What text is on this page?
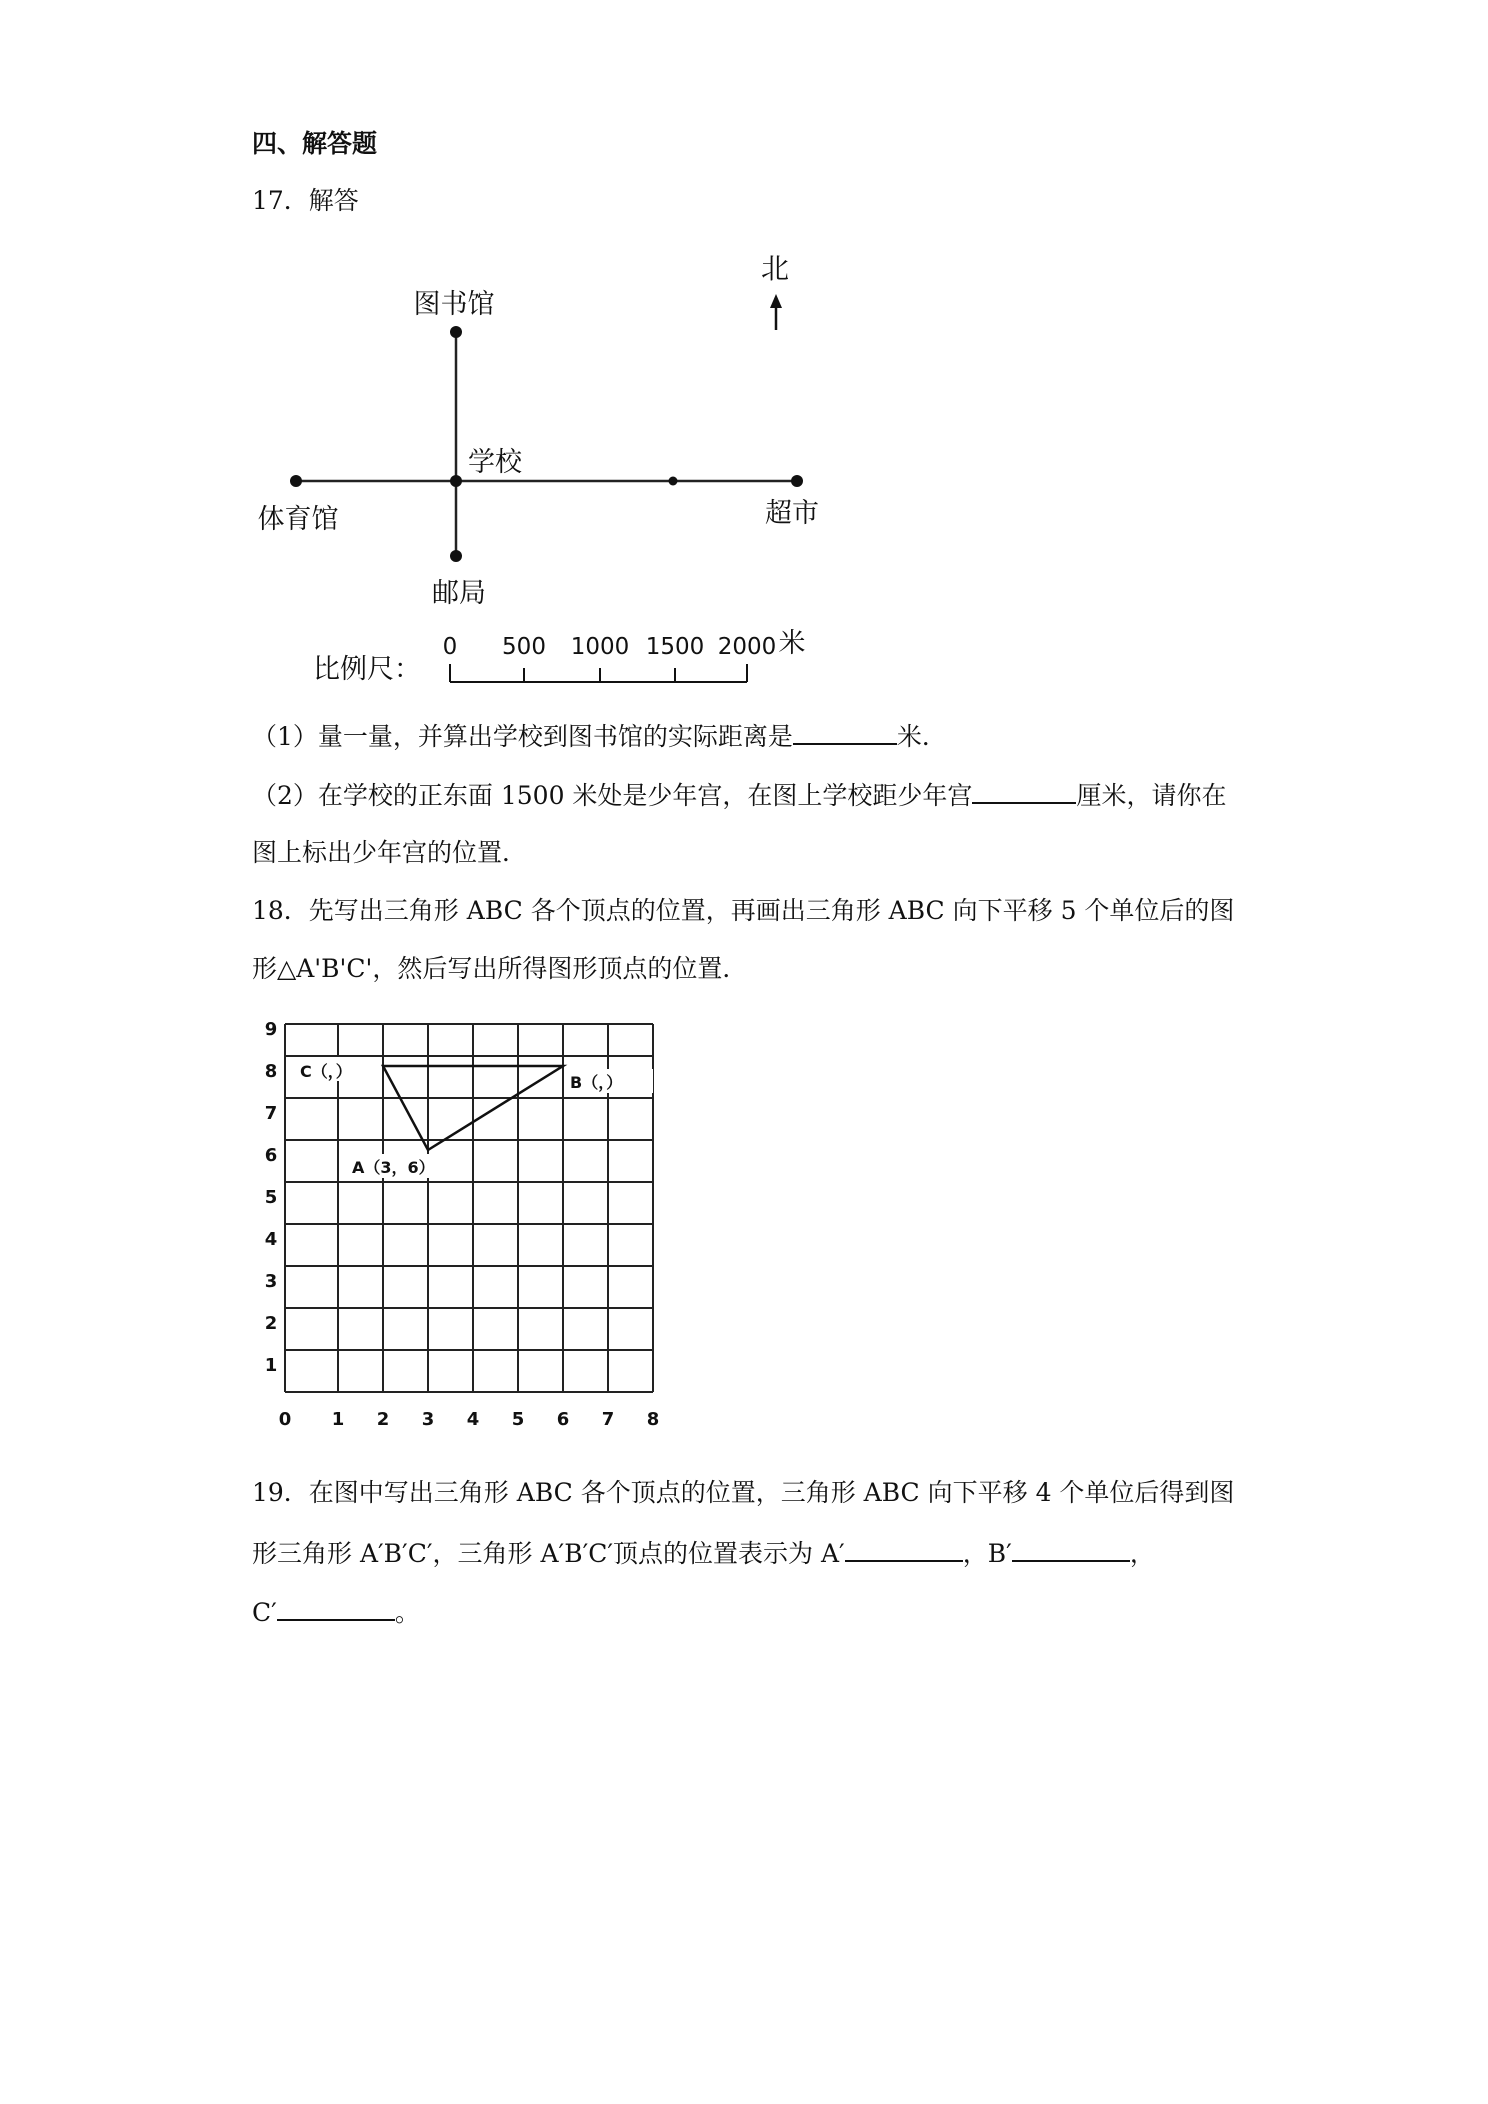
四、解答题
17．解答
北
图书馆
学校
体育馆	超市
邮局
比例尺：
0 500 1000 1500 2000 米
（1）量一量，并算出学校到图书馆的实际距离是	米．
（2）在学校的正东面 1500 米处是少年宫，在图上学校距少年宫	厘米，请你在
图上标出少年宫的位置．
18．先写出三角形 ABC 各个顶点的位置，再画出三角形 ABC 向下平移 5 个单位后的图
形△A'B'C'，然后写出所得图形顶点的位置．
0 1 2 3 4 5 6 7 8
1
2
3
4
5
6
7
8
9
C（，）
B（，）
A（3，6）
19．在图中写出三角形 ABC 各个顶点的位置，三角形 ABC 向下平移 4 个单位后得到图
形三角形 A′B′C′，三角形 A′B′C′顶点的位置表示为 A′	，B′	，
C′	。
